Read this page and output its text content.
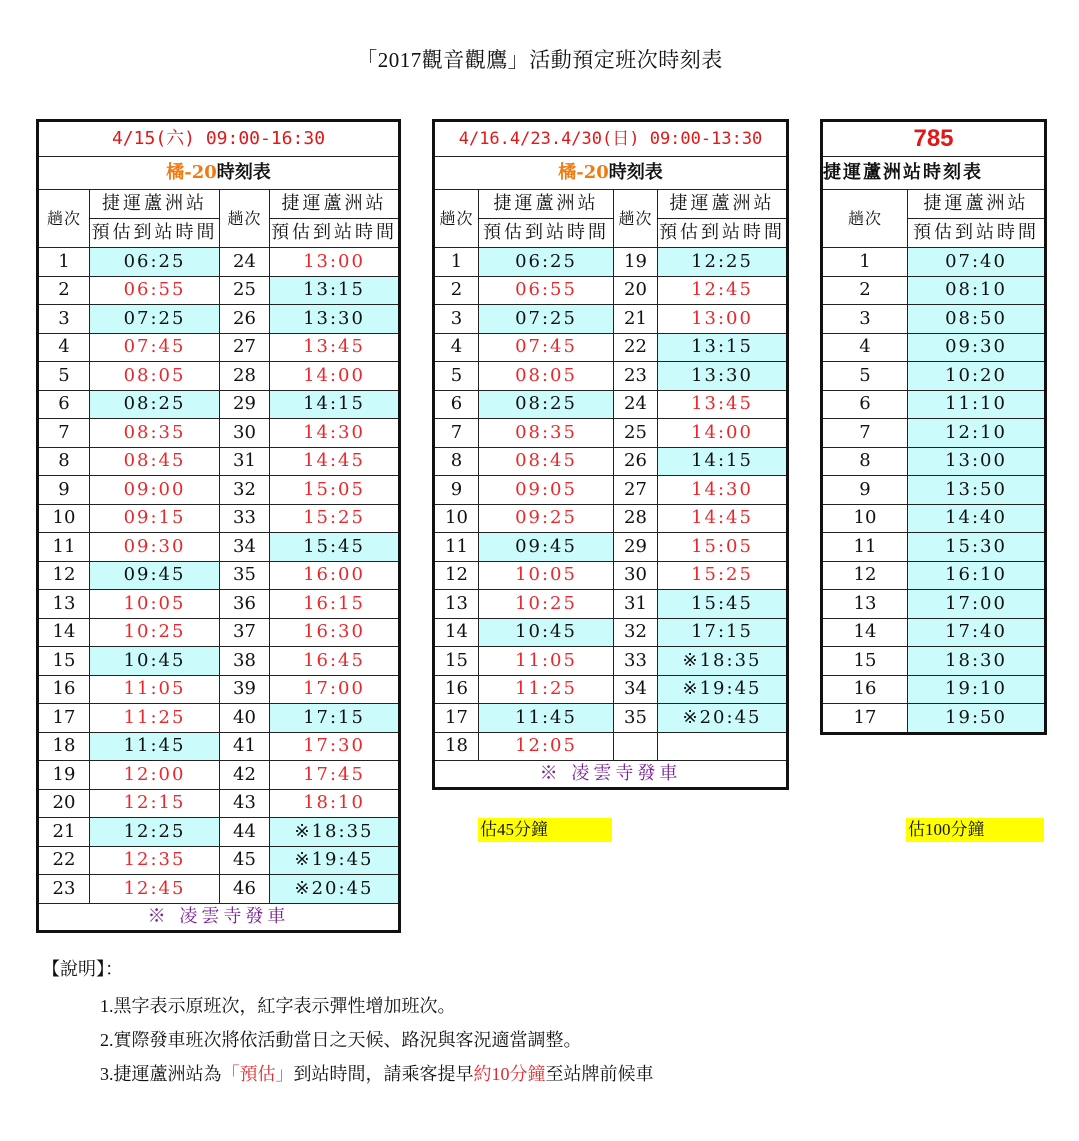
「2017觀音觀鷹」活動預定班次時刻表
4/15(六) 09:00-16:30			
橘-20時刻表			
趟次	捷運蘆洲站	趟次	捷運蘆洲站
	預估到站時間		預估到站時間
1	06:25	24	13:00
2	06:55	25	13:15
3	07:25	26	13:30
4	07:45	27	13:45
5	08:05	28	14:00
6	08:25	29	14:15
7	08:35	30	14:30
8	08:45	31	14:45
9	09:00	32	15:05
10	09:15	33	15:25
11	09:30	34	15:45
12	09:45	35	16:00
13	10:05	36	16:15
14	10:25	37	16:30
15	10:45	38	16:45
16	11:05	39	17:00
17	11:25	40	17:15
18	11:45	41	17:30
19	12:00	42	17:45
20	12:15	43	18:10
21	12:25	44	※18:35
22	12:35	45	※19:45
23	12:45	46	※20:45
※ 凌雲寺發車			
4/16.4/23.4/30(日) 09:00-13:30			
橘-20時刻表			
趟次	捷運蘆洲站	趟次	捷運蘆洲站
	預估到站時間		預估到站時間
1	06:25	19	12:25
2	06:55	20	12:45
3	07:25	21	13:00
4	07:45	22	13:15
5	08:05	23	13:30
6	08:25	24	13:45
7	08:35	25	14:00
8	08:45	26	14:15
9	09:05	27	14:30
10	09:25	28	14:45
11	09:45	29	15:05
12	10:05	30	15:25
13	10:25	31	15:45
14	10:45	32	17:15
15	11:05	33	※18:35
16	11:25	34	※19:45
17	11:45	35	※20:45
18	12:05		
※ 凌雲寺發車			
785	
捷運蘆洲站時刻表	
趟次	捷運蘆洲站
	預估到站時間
1	07:40
2	08:10
3	08:50
4	09:30
5	10:20
6	11:10
7	12:10
8	13:00
9	13:50
10	14:40
11	15:30
12	16:10
13	17:00
14	17:40
15	18:30
16	19:10
17	19:50
估45分鐘	估100分鐘
【說明】：
1.黑字表示原班次，紅字表示彈性增加班次。
2.實際發車班次將依活動當日之天候、路況與客況適當調整。
3.捷運蘆洲站為「預估」到站時間，請乘客提早約10分鐘至站牌前候車
